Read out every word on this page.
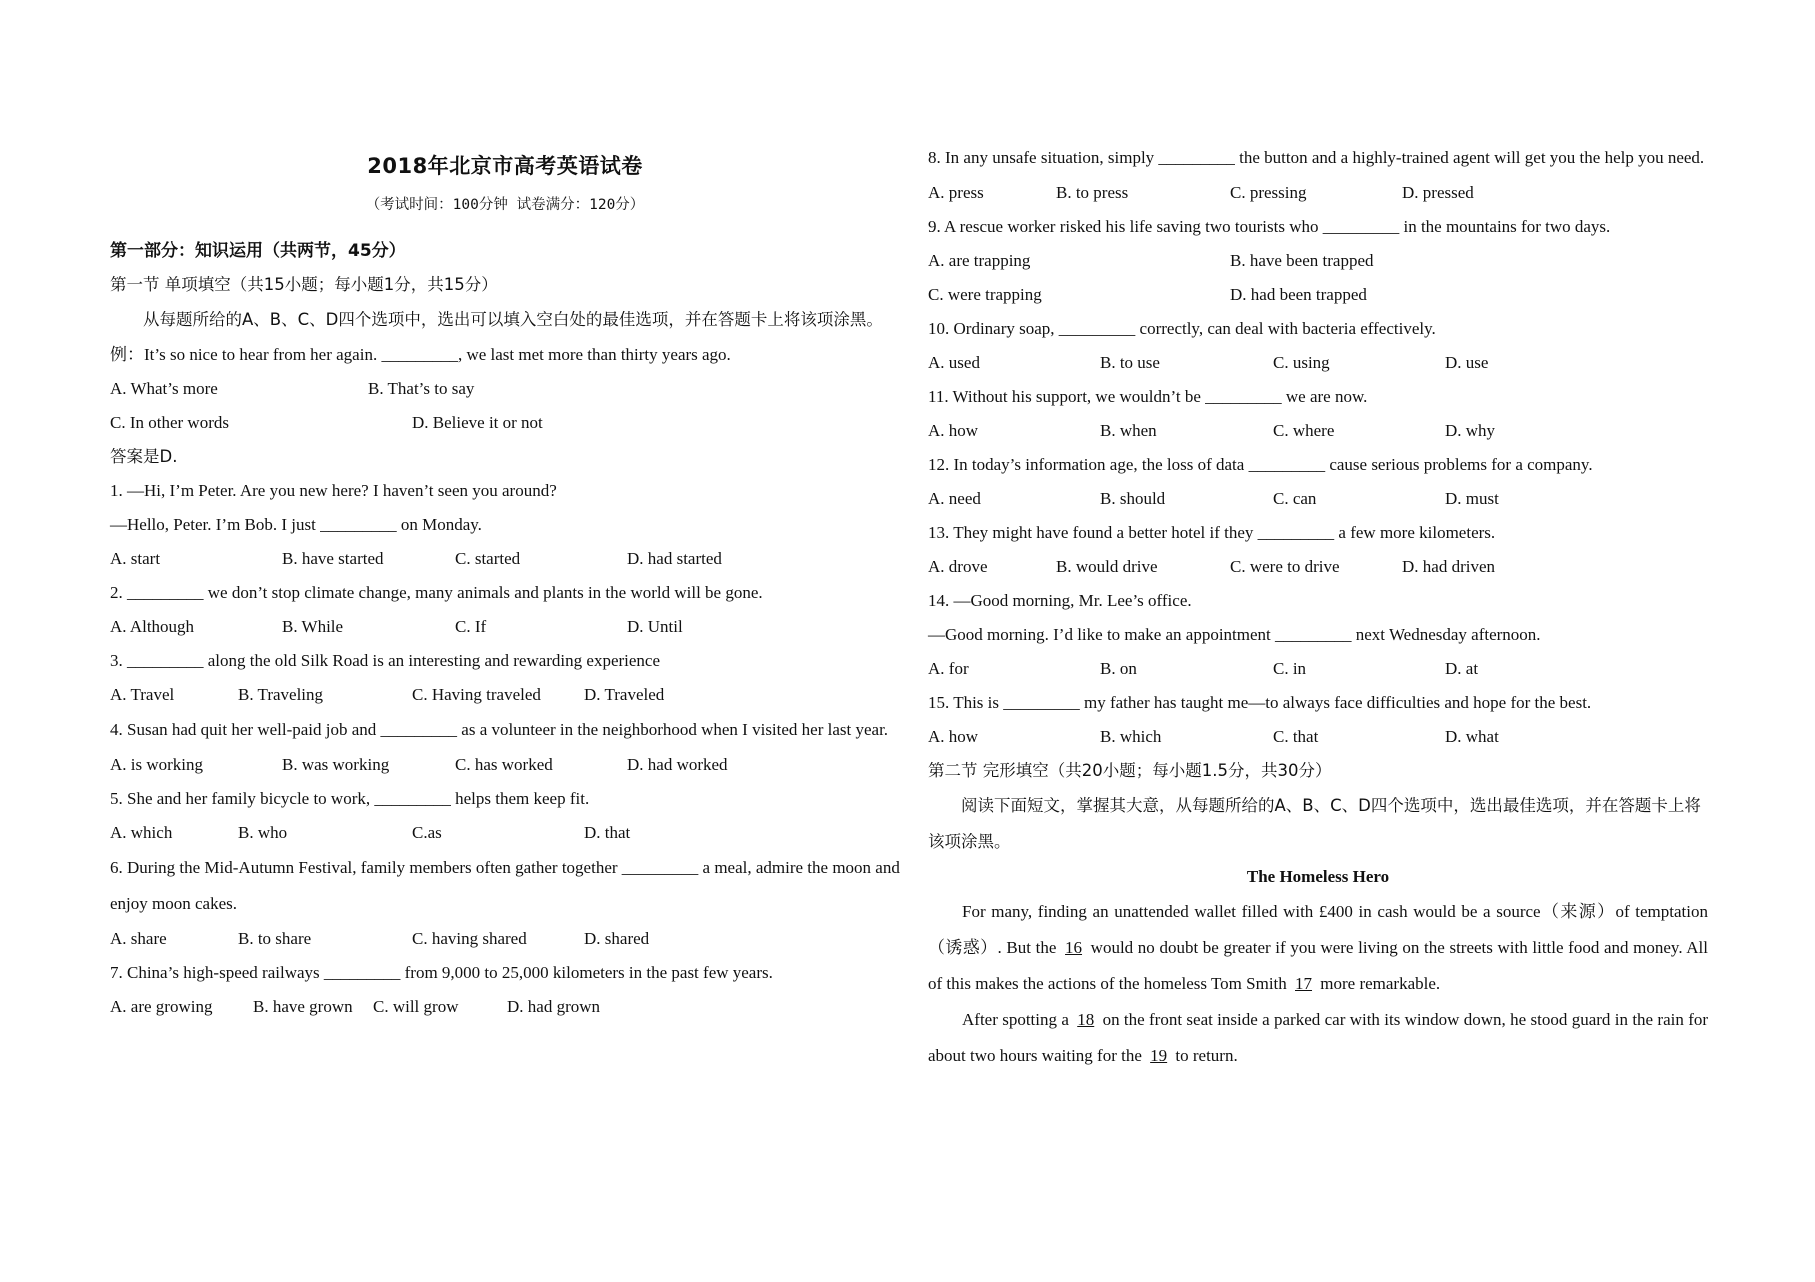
2018年北京市高考英语试卷
（考试时间：100分钟 试卷满分：120分）
第一部分：知识运用（共两节，45分）
第一节 单项填空（共15小题；每小题1分，共15分）
从每题所给的A、B、C、D四个选项中，选出可以填入空白处的最佳选项，并在答题卡上将该项涂黑。
例：It’s so nice to hear from her again. _________, we last met more than thirty years ago.
A. What’s more	B. That’s to say
C. In other words	D. Believe it or not
答案是D.
1. —Hi, I’m Peter. Are you new here? I haven’t seen you around?
—Hello, Peter. I’m Bob. I just _________ on Monday.
A. start	B. have started	C. started	D. had started
2. _________ we don’t stop climate change, many animals and plants in the world will be gone.
A. Although	B. While	C. If	D. Until
3. _________ along the old Silk Road is an interesting and rewarding experience
A. Travel	B. Traveling	C. Having traveled	D. Traveled
4. Susan had quit her well-paid job and _________ as a volunteer in the neighborhood when I visited her last year.
A. is working	B. was working	C. has worked	D. had worked
5. She and her family bicycle to work, _________ helps them keep fit.
A. which	B. who	C.as	D. that
6. During the Mid-Autumn Festival, family members often gather together _________ a meal, admire the moon and enjoy moon cakes.
A. share	B. to share	C. having shared	D. shared
7. China’s high-speed railways _________ from 9,000 to 25,000 kilometers in the past few years.
A. are growing B. have grown C. will grow	D. had grown
8. In any unsafe situation, simply _________ the button and a highly-trained agent will get you the help you need.
A. press	B. to press	C. pressing	D. pressed
9. A rescue worker risked his life saving two tourists who _________ in the mountains for two days.
A. are trapping	B. have been trapped
C. were trapping	D. had been trapped
10. Ordinary soap, _________ correctly, can deal with bacteria effectively.
A. used	B. to use	C. using	D. use
11. Without his support, we wouldn’t be _________ we are now.
A. how	B. when	C. where	D. why
12. In today’s information age, the loss of data _________ cause serious problems for a company.
A. need	B. should	C. can	D. must
13. They might have found a better hotel if they _________ a few more kilometers.
A. drove	B. would drive	C. were to drive	D. had driven
14. —Good morning, Mr. Lee’s office.
—Good morning. I’d like to make an appointment _________ next Wednesday afternoon.
A. for	B. on	C. in	D. at
15. This is _________ my father has taught me—to always face difficulties and hope for the best.
A. how	B. which	C. that	D. what
第二节 完形填空（共20小题；每小题1.5分，共30分）
阅读下面短文，掌握其大意，从每题所给的A、B、C、D四个选项中，选出最佳选项，并在答题卡上将该项涂黑。
The Homeless Hero
For many, finding an unattended wallet filled with £400 in cash would be a source（来源）of temptation（诱惑）. But the 16 would no doubt be greater if you were living on the streets with little food and money. All of this makes the actions of the homeless Tom Smith 17 more remarkable.
After spotting a 18 on the front seat inside a parked car with its window down, he stood guard in the rain for about two hours waiting for the 19 to return.
